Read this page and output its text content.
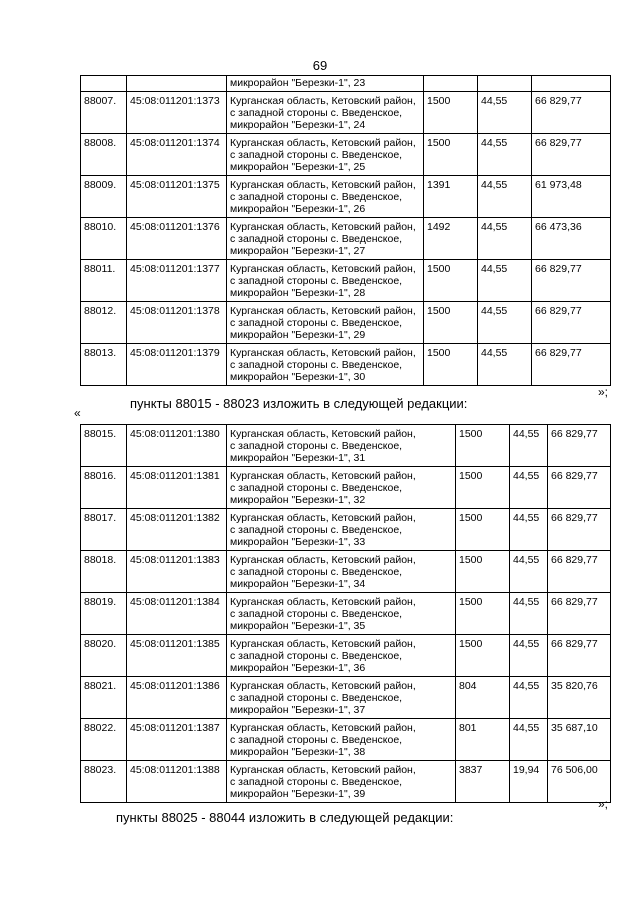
69

		микрорайон "Березки-1", 23			

88007.	45:08:011201:1373	Курганская область, Кетовский район,
с западной стороны с. Введенское,
микрорайон "Березки-1", 24	1500	44,55	66 829,77
88008.	45:08:011201:1374	Курганская область, Кетовский район,
с западной стороны с. Введенское,
микрорайон "Березки-1", 25	1500	44,55	66 829,77
88009.	45:08:011201:1375	Курганская область, Кетовский район,
с западной стороны с. Введенское,
микрорайон "Березки-1", 26	1391	44,55	61 973,48
88010.	45:08:011201:1376	Курганская область, Кетовский район,
с западной стороны с. Введенское,
микрорайон "Березки-1", 27	1492	44,55	66 473,36
88011.	45:08:011201:1377	Курганская область, Кетовский район,
с западной стороны с. Введенское,
микрорайон "Березки-1", 28	1500	44,55	66 829,77
88012.	45:08:011201:1378	Курганская область, Кетовский район,
с западной стороны с. Введенское,
микрорайон "Березки-1", 29	1500	44,55	66 829,77
88013.	45:08:011201:1379	Курганская область, Кетовский район,
с западной стороны с. Введенское,
микрорайон "Березки-1", 30	1500	44,55	66 829,77
»;
пункты 88015 - 88023 изложить в следующей редакции:
«
88015.	45:08:011201:1380	Курганская область, Кетовский район,
с западной стороны с. Введенское,
микрорайон "Березки-1", 31	1500	44,55	66 829,77
88016.	45:08:011201:1381	Курганская область, Кетовский район,
с западной стороны с. Введенское,
микрорайон "Березки-1", 32	1500	44,55	66 829,77
88017.	45:08:011201:1382	Курганская область, Кетовский район,
с западной стороны с. Введенское,
микрорайон "Березки-1", 33	1500	44,55	66 829,77
88018.	45:08:011201:1383	Курганская область, Кетовский район,
с западной стороны с. Введенское,
микрорайон "Березки-1", 34	1500	44,55	66 829,77
88019.	45:08:011201:1384	Курганская область, Кетовский район,
с западной стороны с. Введенское,
микрорайон "Березки-1", 35	1500	44,55	66 829,77
88020.	45:08:011201:1385	Курганская область, Кетовский район,
с западной стороны с. Введенское,
микрорайон "Березки-1", 36	1500	44,55	66 829,77
88021.	45:08:011201:1386	Курганская область, Кетовский район,
с западной стороны с. Введенское,
микрорайон "Березки-1", 37	804	44,55	35 820,76
88022.	45:08:011201:1387	Курганская область, Кетовский район,
с западной стороны с. Введенское,
микрорайон "Березки-1", 38	801	44,55	35 687,10
88023.	45:08:011201:1388	Курганская область, Кетовский район,
с западной стороны с. Введенское,
микрорайон "Березки-1", 39	3837	19,94	76 506,00
»;
пункты 88025 - 88044 изложить в следующей редакции:
